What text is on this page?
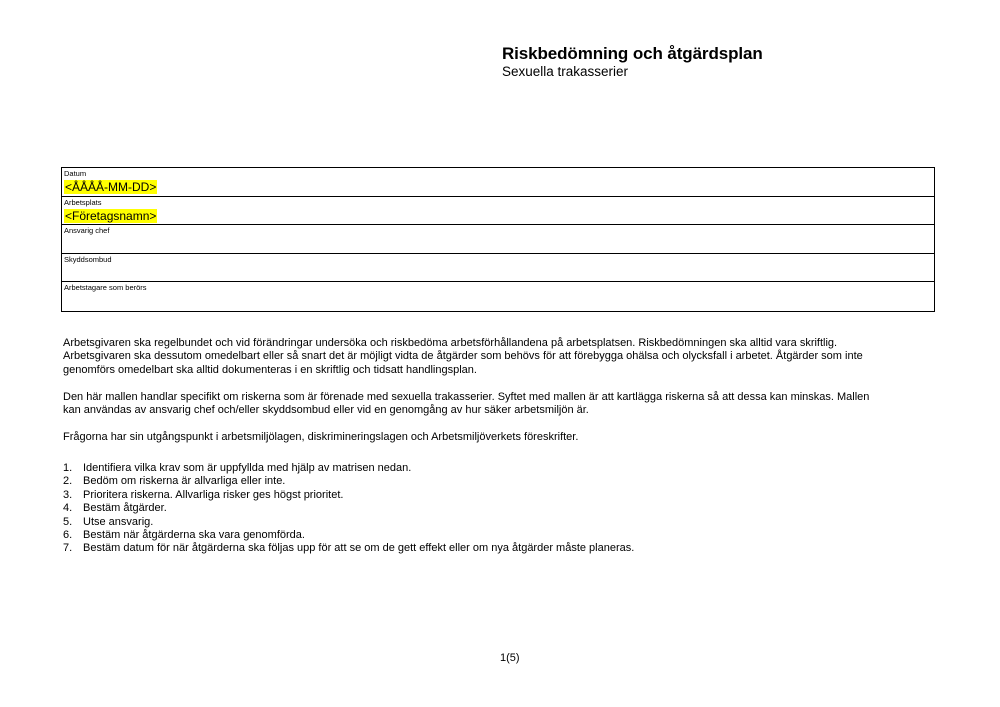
Riskbedömning och åtgärdsplan
Sexuella trakasserier
Datum
<ÅÅÅÅ-MM-DD>
Arbetsplats
<Företagsnamn>
Ansvarig chef
Skyddsombud
Arbetstagare som berörs

Arbetsgivaren ska regelbundet och vid förändringar undersöka och riskbedöma arbetsförhållandena på arbetsplatsen. Riskbedömningen ska alltid vara skriftlig. Arbetsgivaren ska dessutom omedelbart eller så snart det är möjligt vidta de åtgärder som behövs för att förebygga ohälsa och olycksfall i arbetet. Åtgärder som inte genomförs omedelbart ska alltid dokumenteras i en skriftlig och tidsatt handlingsplan.

Den här mallen handlar specifikt om riskerna som är förenade med sexuella trakasserier. Syftet med mallen är att kartlägga riskerna så att dessa kan minskas. Mallen kan användas av ansvarig chef och/eller skyddsombud eller vid en genomgång av hur säker arbetsmiljön är.

Frågorna har sin utgångspunkt i arbetsmiljölagen, diskrimineringslagen och Arbetsmiljöverkets föreskrifter.

1. Identifiera vilka krav som är uppfyllda med hjälp av matrisen nedan.
2. Bedöm om riskerna är allvarliga eller inte.
3. Prioritera riskerna. Allvarliga risker ges högst prioritet.
4. Bestäm åtgärder.
5. Utse ansvarig.
6. Bestäm när åtgärderna ska vara genomförda.
7. Bestäm datum för när åtgärderna ska följas upp för att se om de gett effekt eller om nya åtgärder måste planeras.
1(5)
